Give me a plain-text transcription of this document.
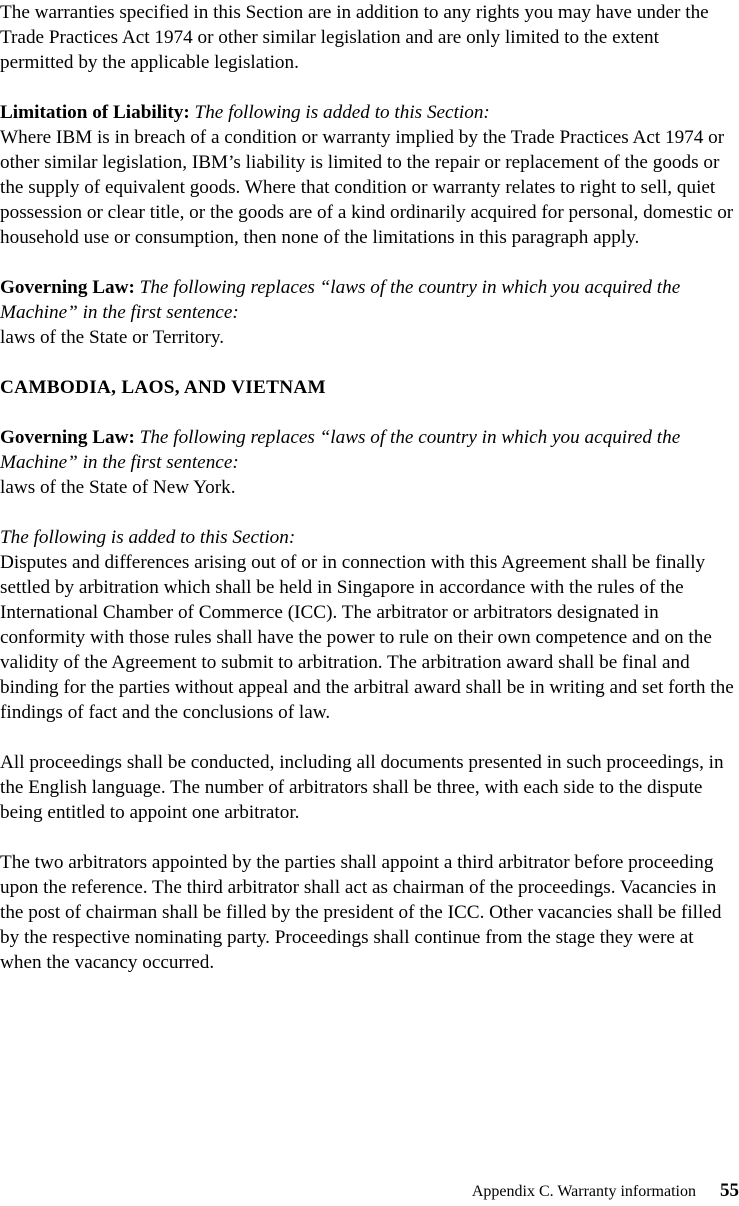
The warranties specified in this Section are in addition to any rights you may have under the Trade Practices Act 1974 or other similar legislation and are only limited to the extent permitted by the applicable legislation.

Limitation of Liability: The following is added to this Section:

Where IBM is in breach of a condition or warranty implied by the Trade Practices Act 1974 or other similar legislation, IBM’s liability is limited to the repair or replacement of the goods or the supply of equivalent goods. Where that condition or warranty relates to right to sell, quiet possession or clear title, or the goods are of a kind ordinarily acquired for personal, domestic or household use or consumption, then none of the limitations in this paragraph apply.

Governing Law: The following replaces “laws of the country in which you acquired the Machine” in the first sentence:

laws of the State or Territory.

CAMBODIA, LAOS, AND VIETNAM

Governing Law: The following replaces “laws of the country in which you acquired the Machine” in the first sentence:

laws of the State of New York.

The following is added to this Section:

Disputes and differences arising out of or in connection with this Agreement shall be finally settled by arbitration which shall be held in Singapore in accordance with the rules of the International Chamber of Commerce (ICC). The arbitrator or arbitrators designated in conformity with those rules shall have the power to rule on their own competence and on the validity of the Agreement to submit to arbitration. The arbitration award shall be final and binding for the parties without appeal and the arbitral award shall be in writing and set forth the findings of fact and the conclusions of law.

All proceedings shall be conducted, including all documents presented in such proceedings, in the English language. The number of arbitrators shall be three, with each side to the dispute being entitled to appoint one arbitrator.

The two arbitrators appointed by the parties shall appoint a third arbitrator before proceeding upon the reference. The third arbitrator shall act as chairman of the proceedings. Vacancies in the post of chairman shall be filled by the president of the ICC. Other vacancies shall be filled by the respective nominating party. Proceedings shall continue from the stage they were at when the vacancy occurred.

Appendix C. Warranty information 55
